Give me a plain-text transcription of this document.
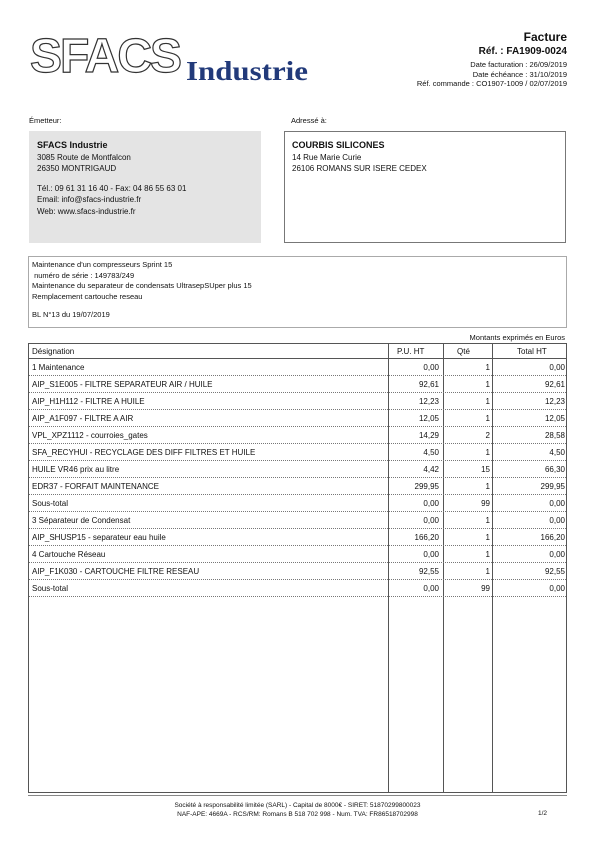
SFACS Industrie
Facture
Réf. : FA1909-0024
Date facturation : 26/09/2019
Date échéance : 31/10/2019
Réf. commande : CO1907-1009 / 02/07/2019
Émetteur:	Adressé à:
SFACS Industrie
3085 Route de Montfalcon
26350 MONTRIGAUD
Tél.: 09 61 31 16 40 - Fax: 04 86 55 63 01
Email: info@sfacs-industrie.fr
Web: www.sfacs-industrie.fr
COURBIS SILICONES
14 Rue Marie Curie
26106 ROMANS SUR ISERE CEDEX
Maintenance d'un compresseurs Sprint 15
numéro de série : 149783/249
Maintenance du separateur de condensats UltrasepSUper plus 15
Remplacement cartouche reseau
BL N°13 du 19/07/2019
Montants exprimés en Euros
Désignation	P.U. HT	Qté	Total HT
1 Maintenance	0,00	1	0,00
AIP_S1E005 - FILTRE SEPARATEUR AIR / HUILE	92,61	1	92,61
AIP_H1H112 - FILTRE A HUILE	12,23	1	12,23
AIP_A1F097 - FILTRE A AIR	12,05	1	12,05
VPL_XPZ1112 - courroies_gates	14,29	2	28,58
SFA_RECYHUI - RECYCLAGE DES DIFF FILTRES ET HUILE	4,50	1	4,50
HUILE VR46 prix au litre	4,42	15	66,30
EDR37 - FORFAIT MAINTENANCE	299,95	1	299,95
Sous-total	0,00	99	0,00
3 Séparateur de Condensat	0,00	1	0,00
AIP_SHUSP15 - separateur eau huile	166,20	1	166,20
4 Cartouche Réseau	0,00	1	0,00
AIP_F1K030 - CARTOUCHE FILTRE RESEAU	92,55	1	92,55
Sous-total	0,00	99	0,00
Société à responsabilité limitée (SARL) - Capital de 8000€ - SIRET: 51870299800023
NAF-APE: 4669A - RCS/RM: Romans B 518 702 998 - Num. TVA: FR86518702998	1/2
